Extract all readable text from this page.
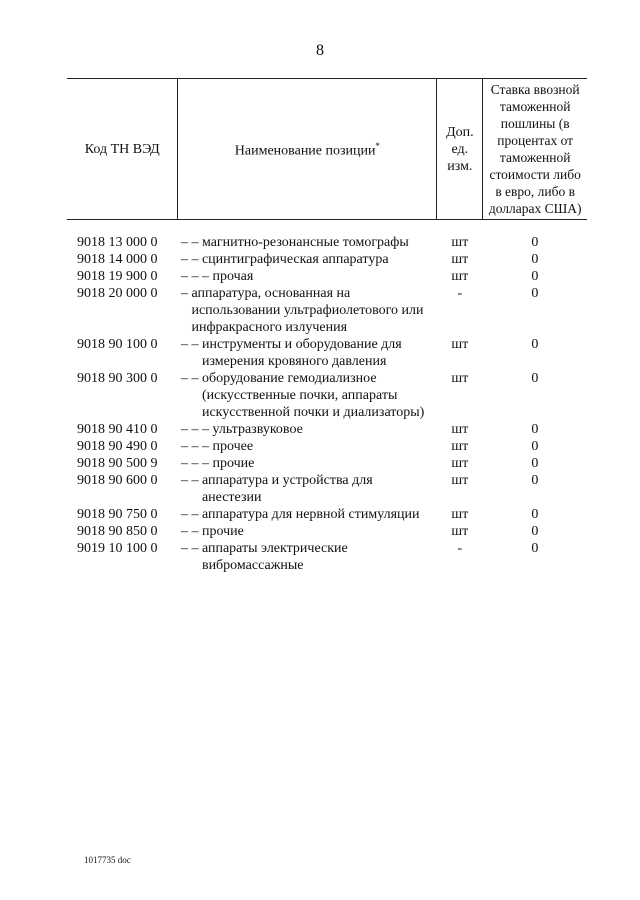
8
Код ТН ВЭД	Наименование позиции*	Доп. ед. изм.	Ставка ввозной таможенной пошлины (в процентах от таможенной стоимости либо в евро, либо в долларах США)
9018 13 000 0	– – магнитно-резонансные томографы	шт	0
9018 14 000 0	– – сцинтиграфическая аппаратура	шт	0
9018 19 900 0	– – – прочая	шт	0
9018 20 000 0	– аппаратура, основанная на использовании ультрафиолетового или инфракрасного излучения	-	0
9018 90 100 0	– – инструменты и оборудование для измерения кровяного давления	шт	0
9018 90 300 0	– – оборудование гемодиализное (искусственные почки, аппараты искусственной почки и диализаторы)	шт	0
9018 90 410 0	– – – ультразвуковое	шт	0
9018 90 490 0	– – – прочее	шт	0
9018 90 500 9	– – – прочие	шт	0
9018 90 600 0	– – аппаратура и устройства для анестезии	шт	0
9018 90 750 0	– – аппаратура для нервной стимуляции	шт	0
9018 90 850 0	– – прочие	шт	0
9019 10 100 0	– – аппараты электрические вибромассажные	-	0
1017735 doc
